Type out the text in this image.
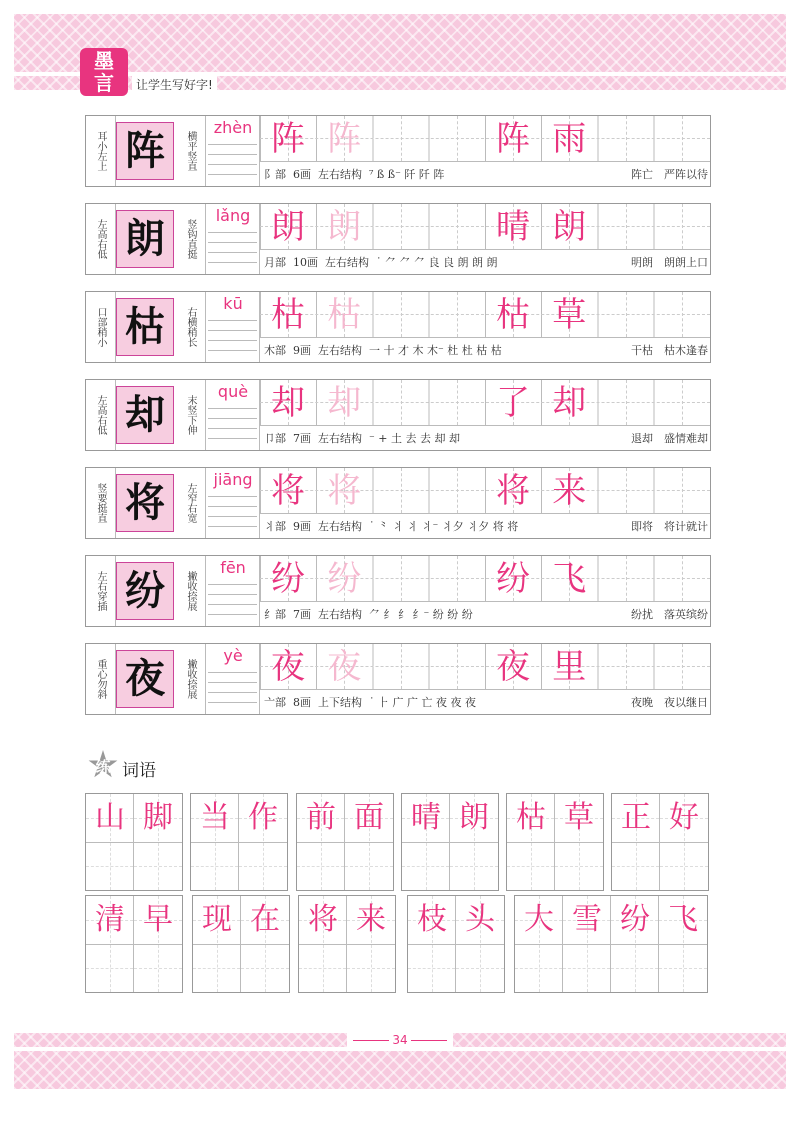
墨
言	让学生写好字!
耳小左上 阵	横平竖直
zhèn 阵 阵	阵 雨
阝部 6画 左右结构 ⁷ ß ß⁻ 阡 阡 阵	阵亡　严阵以待
左高右低 朗	竖钩直挺
lǎng 朗 朗	晴 朗
月部 10画 左右结构 ˙ ⺈ ⺈ ⺈ 良 良 朗 朗 朗	明朗　朗朗上口
口部稍小 枯	右横稍长
kū 枯 枯	枯 草
木部 9画 左右结构 一 十 才 木 木⁻ 杜 杜 枯 枯	干枯　枯木逢春
左高右低 却	末竖下伸
què 却 却	了 却
卩部 7画 左右结构 ⁻ + 土 去 去 却 却	退却　盛情难却
竖要挺直 将	左窄右宽
jiāng 将 将	将 来
丬部 9画 左右结构 ˙ ⺀ 丬 丬 丬⁻ 丬夕 丬夕 将 将	即将　将计就计
左右穿插 纷	撇收捺展
fēn 纷 纷	纷 飞
纟部 7画 左右结构 ⺈ 纟 纟 纟⁻ 纷 纷 纷	纷扰　落英缤纷
重心勿斜 夜	撇收捺展
yè 夜 夜	夜 里
亠部 8画 上下结构 ˙ ⺊ 广 广 亡 夜 夜 夜	夜晚　夜以继日
练 词语
山 脚 当 作 前 面 晴 朗 枯 草 正 好
清 早 现 在 将 来	枝 头 大 雪 纷 飞
34
